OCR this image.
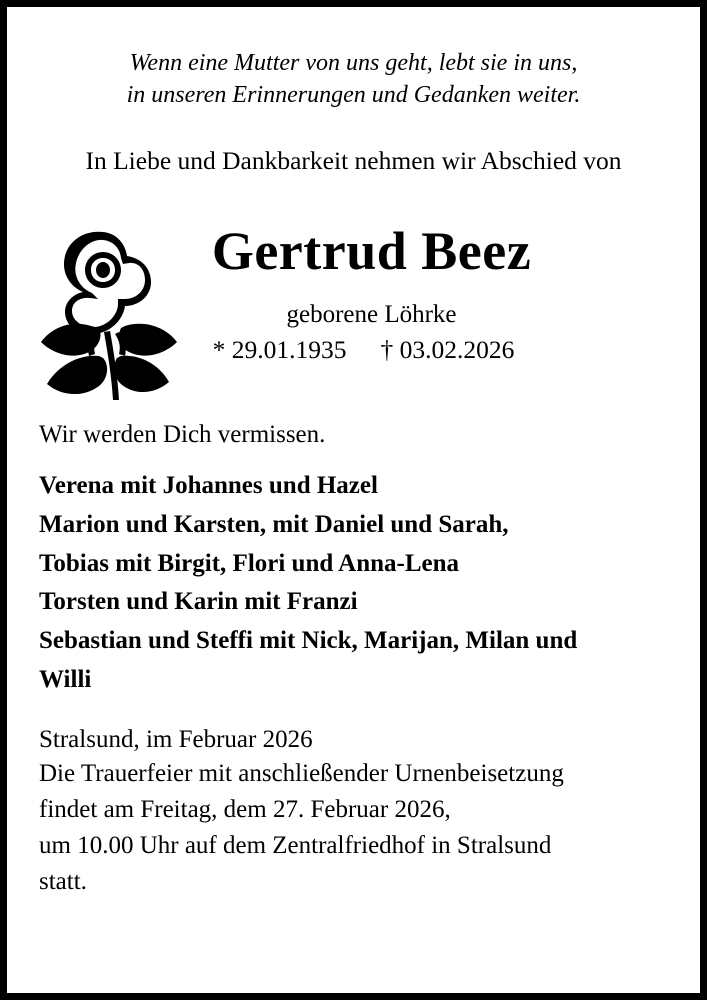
Wenn eine Mutter von uns geht, lebt sie in uns,
in unseren Erinnerungen und Gedanken weiter.
In Liebe und Dankbarkeit nehmen wir Abschied von
Gertrud Beez
geborene Löhrke
* 29.01.1935 † 03.02.2026
Wir werden Dich vermissen.
Verena mit Johannes und Hazel
Marion und Karsten, mit Daniel und Sarah,
Tobias mit Birgit, Flori und Anna-Lena
Torsten und Karin mit Franzi
Sebastian und Steffi mit Nick, Marijan, Milan und
Willi
Stralsund, im Februar 2026
Die Trauerfeier mit anschließender Urnenbeisetzung
findet am Freitag, dem 27. Februar 2026,
um 10.00 Uhr auf dem Zentralfriedhof in Stralsund
statt.
